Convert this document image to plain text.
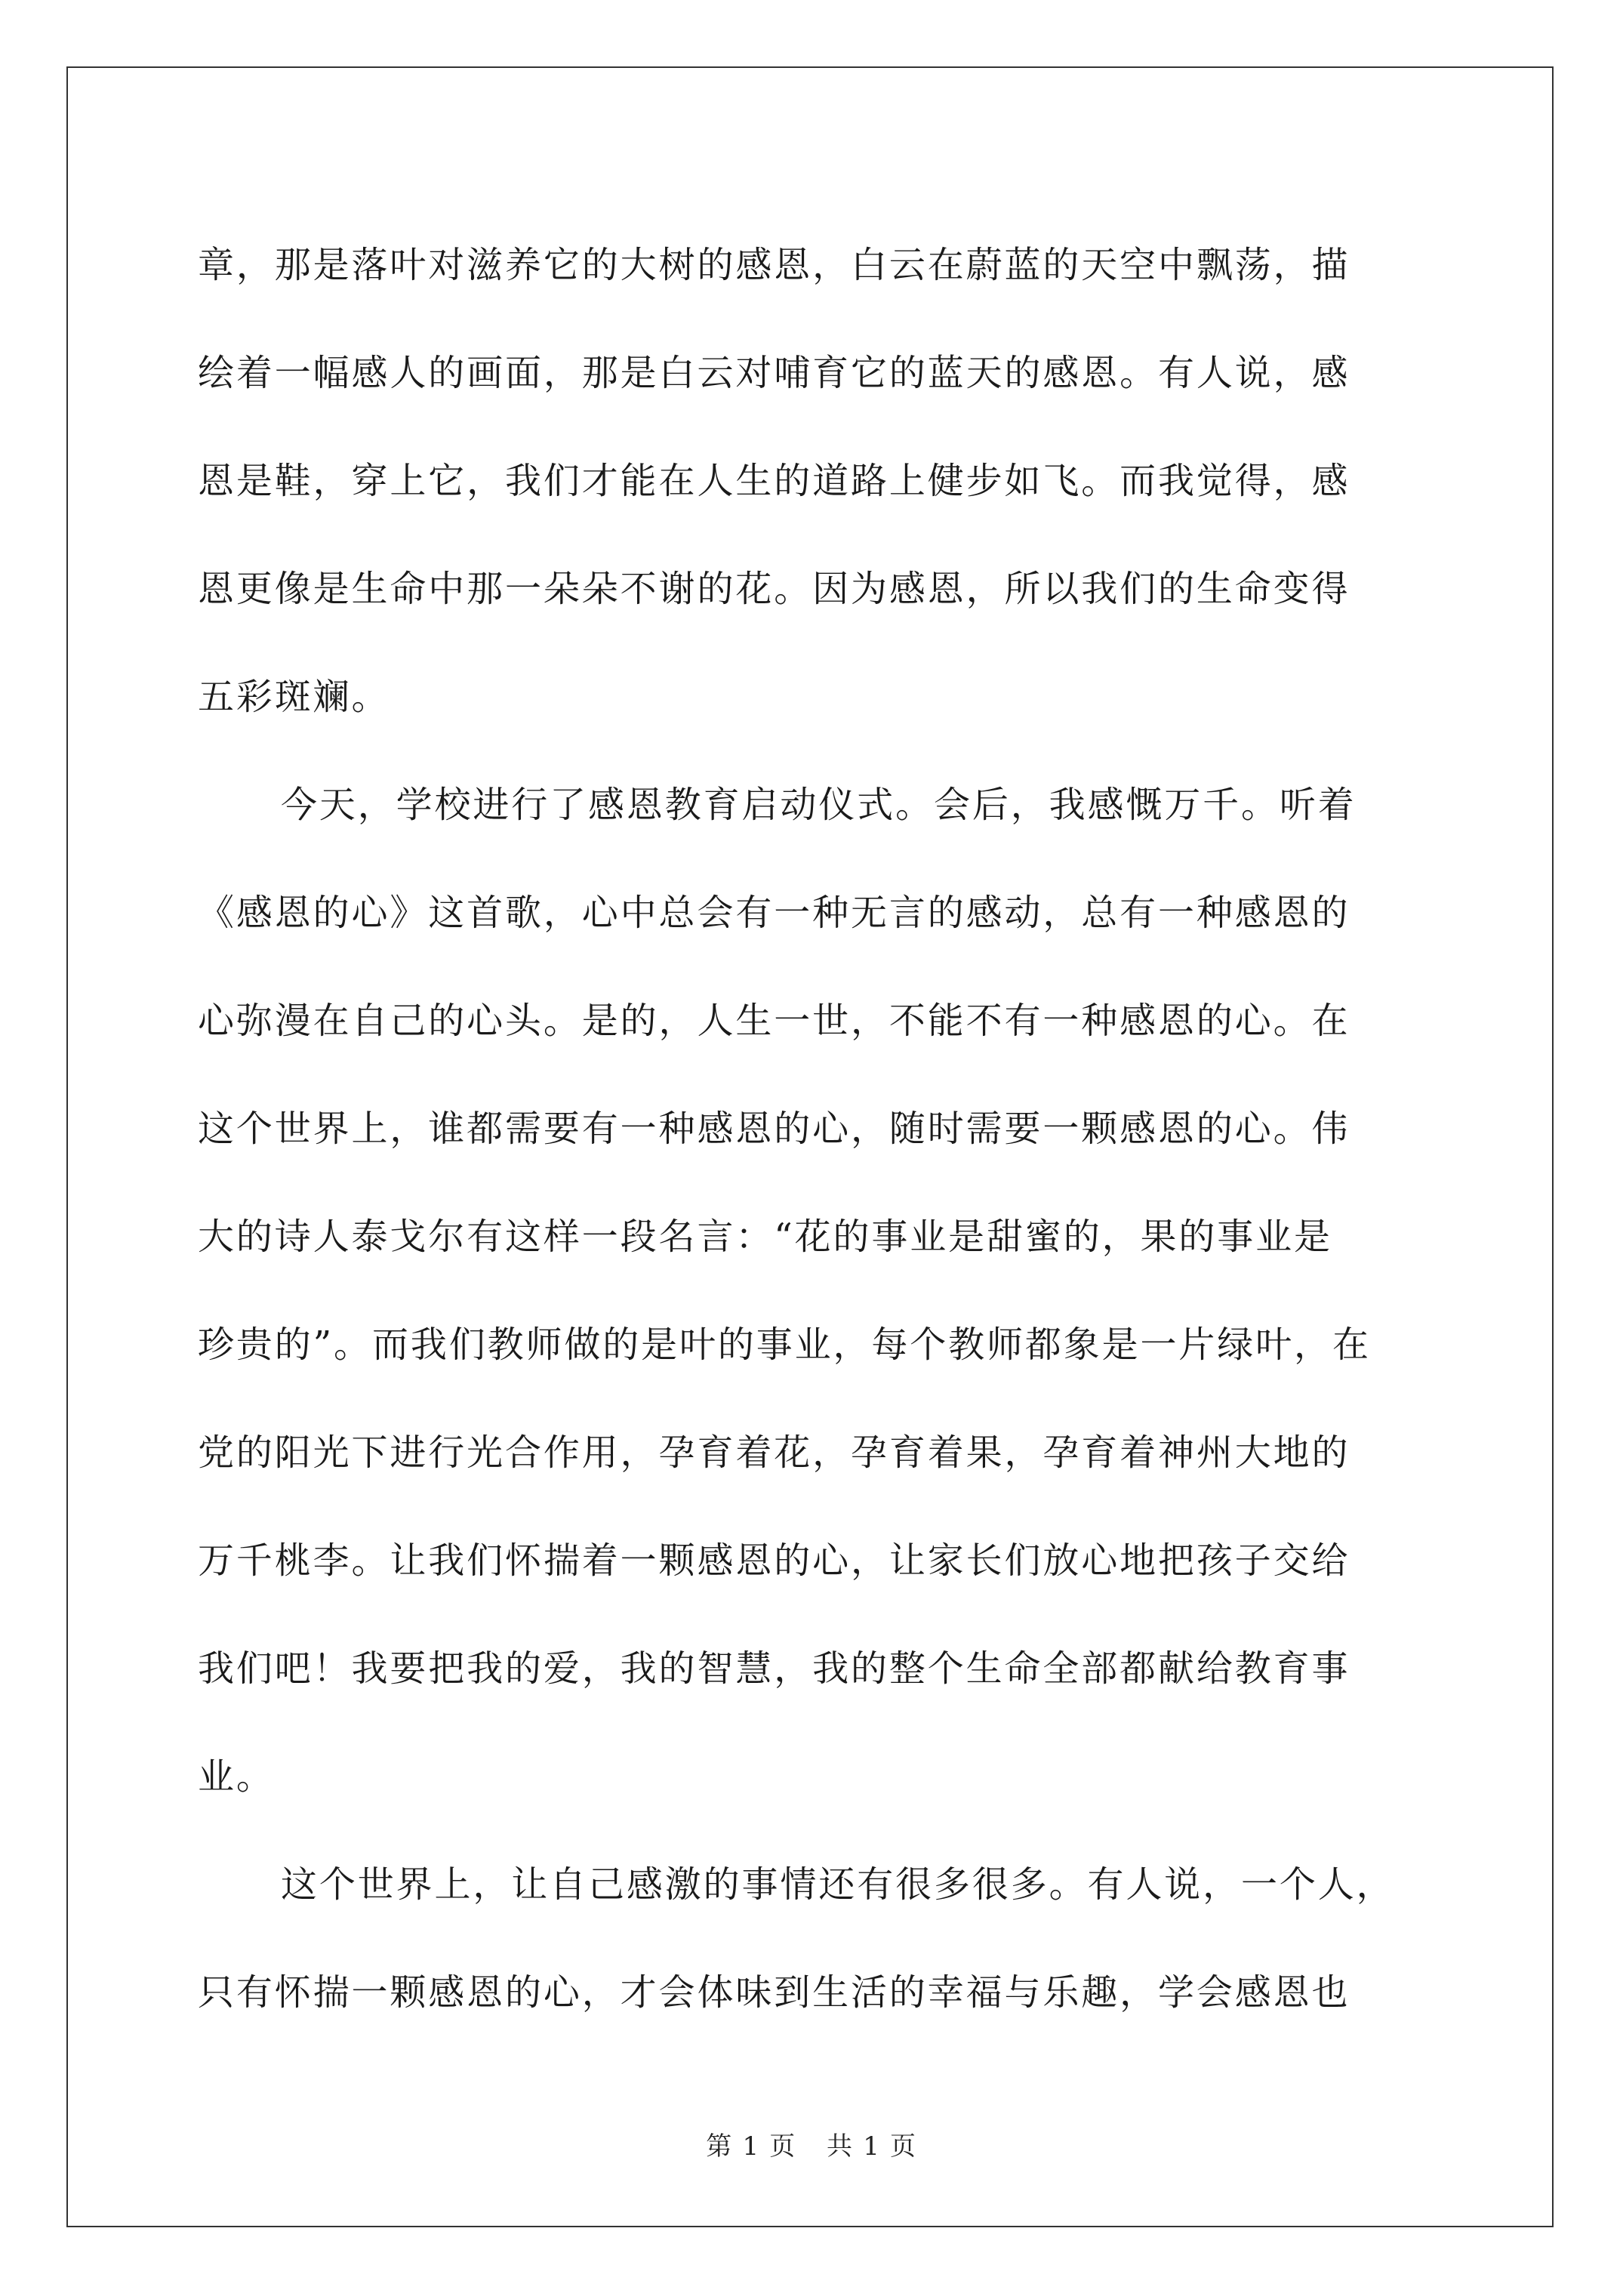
章，那是落叶对滋养它的大树的感恩，白云在蔚蓝的天空中飘荡，描
绘着一幅感人的画面，那是白云对哺育它的蓝天的感恩。有人说，感
恩是鞋，穿上它，我们才能在人生的道路上健步如飞。而我觉得，感
恩更像是生命中那一朵朵不谢的花。因为感恩，所以我们的生命变得
五彩斑斓。
今天，学校进行了感恩教育启动仪式。会后，我感慨万千。听着
《感恩的心》这首歌，心中总会有一种无言的感动，总有一种感恩的
心弥漫在自己的心头。是的，人生一世，不能不有一种感恩的心。在
这个世界上，谁都需要有一种感恩的心，随时需要一颗感恩的心。伟
大的诗人泰戈尔有这样一段名言：“花的事业是甜蜜的，果的事业是
珍贵的”。而我们教师做的是叶的事业，每个教师都象是一片绿叶，在
党的阳光下进行光合作用，孕育着花，孕育着果，孕育着神州大地的
万千桃李。让我们怀揣着一颗感恩的心，让家长们放心地把孩子交给
我们吧！我要把我的爱，我的智慧，我的整个生命全部都献给教育事
业。
这个世界上，让自己感激的事情还有很多很多。有人说，一个人，
只有怀揣一颗感恩的心，才会体味到生活的幸福与乐趣，学会感恩也
第 1 页 共 1 页
